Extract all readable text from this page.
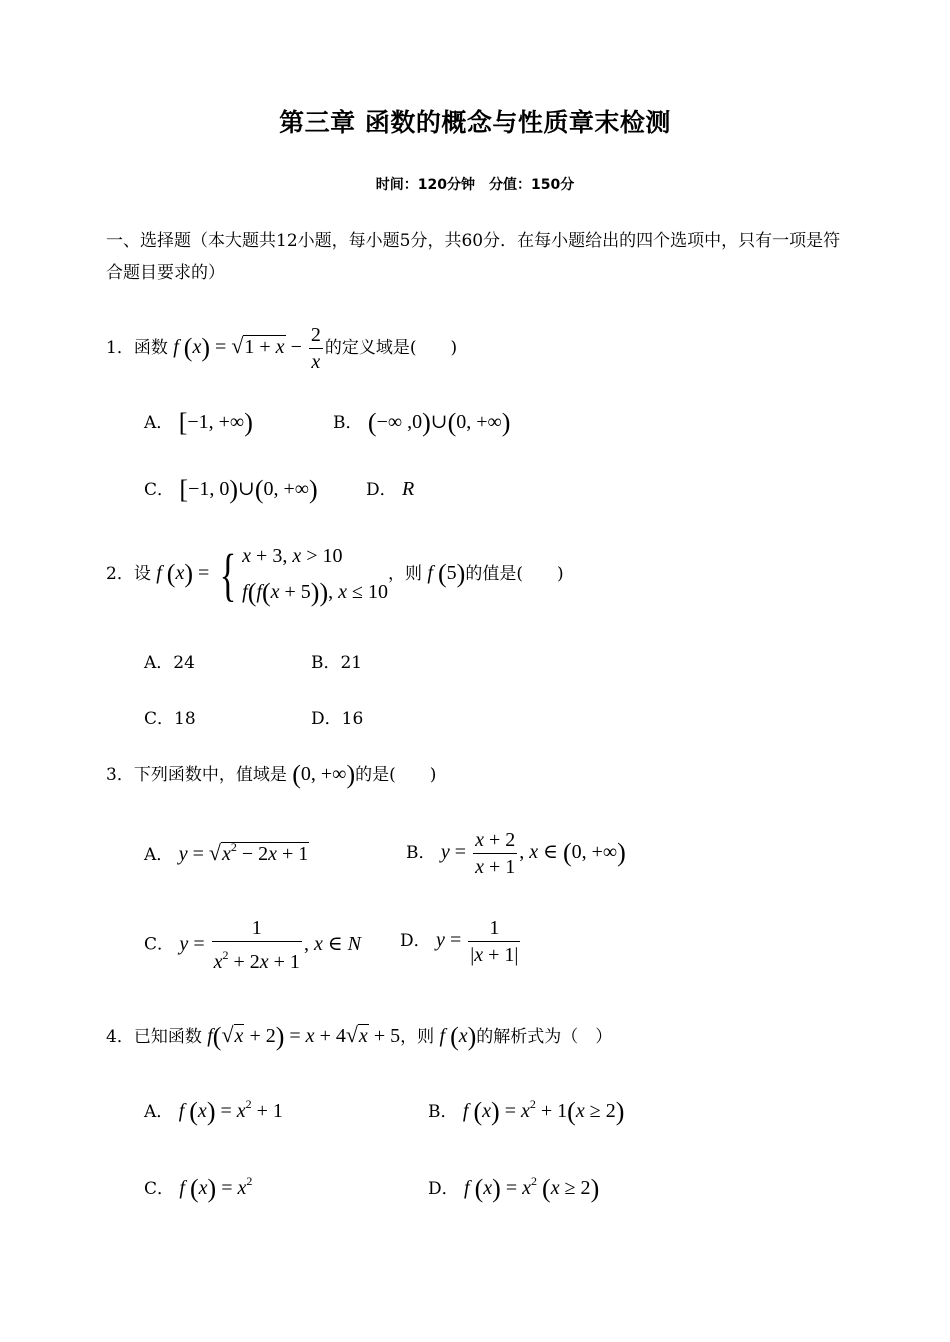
第三章 函数的概念与性质章末检测
时间：120分钟　分值：150分
一、选择题（本大题共12小题，每小题5分，共60分．在每小题给出的四个选项中，只有一项是符合题目要求的）
1．函数 f $(x) = √1 + x - \frac{2}{x}$ 的定义域是(　　)
A． [−1, +∞)	B． (−∞ ,0)∪(0, +∞)
C． [−1, 0)∪(0, +∞)	D． R
2．设 f (x) = { x + 3, x > 10
f(f(x + 5)), x ≤ 10
，则 f (5)的值是(　　)
A．24	B．21
C．18	D．16
3．下列函数中，值域是 (0, +∞)的是(　　)
A． $y = √x^2 - 2x + 1$	B． $y = \frac{x + 2}{x + 1}$ , x ∈ (0, +∞)
C． $y = \frac{1}{x^2 + 2x + 1}$ , x ∈ N D． $y = \frac{1}{|x + 1|}$
4．已知函数 f(√x + 2) = x + 4√x + 5，则 f (x)的解析式为（　）
A． f $(x) = x^2 + 1$	B． f $(x) = x^2 + 1(x \ge 2)$
C． f $(x) = x^2$	D． f $(x) = x^2$ (x ≥ 2)
